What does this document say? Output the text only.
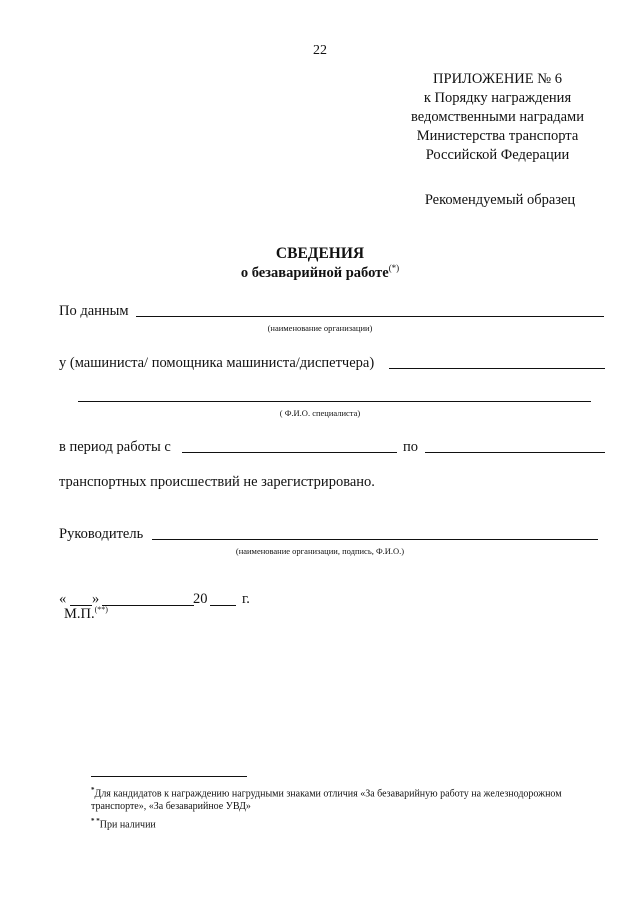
22
ПРИЛОЖЕНИЕ № 6
к Порядку награждения
ведомственными наградами
Министерства транспорта
Российской Федерации
Рекомендуемый образец
СВЕДЕНИЯ
о безаварийной работе(*)
По данным
(наименование организации)
у (машиниста/ помощника машиниста/диспетчера)
( Ф.И.О. специалиста)
в период работы с	по
транспортных происшествий не зарегистрировано.
Руководитель
(наименование организации, подпись, Ф.И.О.)
« »	20 г.
М.П.(**)
*Для кандидатов к награждению нагрудными знаками отличия «За безаварийную работу на железнодорожном транспорте», «За безаварийное УВД»
* *При наличии
